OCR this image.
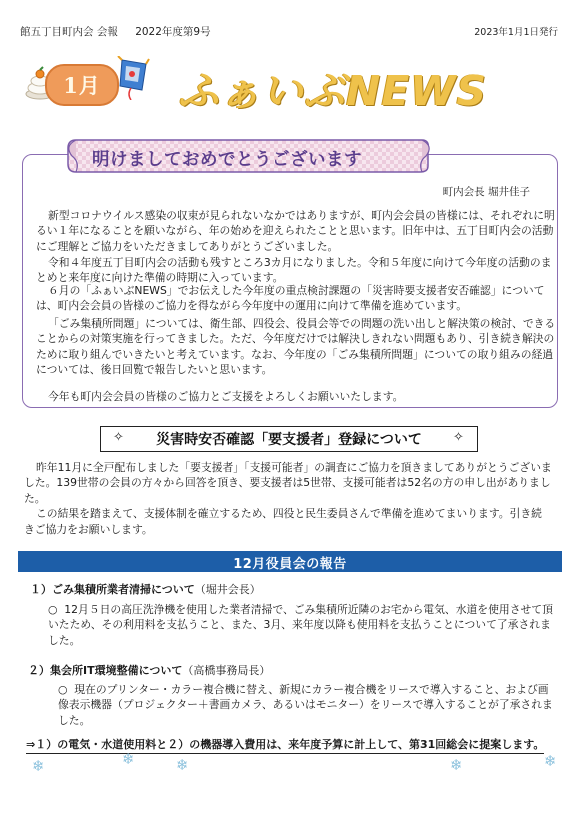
館五丁目町内会 会報 2022年度第9号	2023年1月1日発行
1月	ふぁいぶNEWS
明けましておめでとうございます
町内会長 堀井佳子
新型コロナウイルス感染の収束が見られないなかではありますが、町内会会員の皆様には、それぞれに明るい１年になることを願いながら、年の始めを迎えられたことと思います。旧年中は、五丁目町内会の活動にご理解とご協力をいただきましてありがとうございました。
令和４年度五丁目町内会の活動も残すところ3カ月になりました。令和５年度に向けて今年度の活動のまとめと来年度に向けた準備の時期に入っています。
６月の「ふぁいぶNEWS」でお伝えした今年度の重点検討課題の「災害時要支援者安否確認」については、町内会会員の皆様のご協力を得ながら今年度中の運用に向けて準備を進めています。
「ごみ集積所問題」については、衛生部、四役会、役員会等での問題の洗い出しと解決策の検討、できることからの対策実施を行ってきました。ただ、今年度だけでは解決しきれない問題もあり、引き続き解決のために取り組んでいきたいと考えています。なお、今年度の「ごみ集積所問題」についての取り組みの経過については、後日回覧で報告したいと思います。
今年も町内会会員の皆様のご協力とご支援をよろしくお願いいたします。
✧	災害時安否確認「要支援者」登録について	✧
昨年11月に全戸配布しました「要支援者」「支援可能者」の調査にご協力を頂きましてありがとうございました。139世帯の会員の方々から回答を頂き、要支援者は5世帯、支援可能者は52名の方の申し出がありました。
この結果を踏まえて、支援体制を確立するため、四役と民生委員さんで準備を進めてまいります。引き続きご協力をお願いします。
12月役員会の報告
１）ごみ集積所業者清掃について（堀井会長）
○ 12月５日の高圧洗浄機を使用した業者清掃で、ごみ集積所近隣のお宅から電気、水道を使用させて頂いたため、その利用料を支払うこと、また、3月、来年度以降も使用料を支払うことについて了承されました。
２）集会所IT環境整備について（高橋事務局長）
○ 現在のプリンター・カラー複合機に替え、新規にカラー複合機をリースで導入すること、および画像表示機器（プロジェクター＋書画カメラ、あるいはモニター）をリースで導入することが了承されました。
⇒１）の電気・水道使用料と２）の機器導入費用は、来年度予算に計上して、第31回総会に提案します。
❄	❄	❄	❄	❄
